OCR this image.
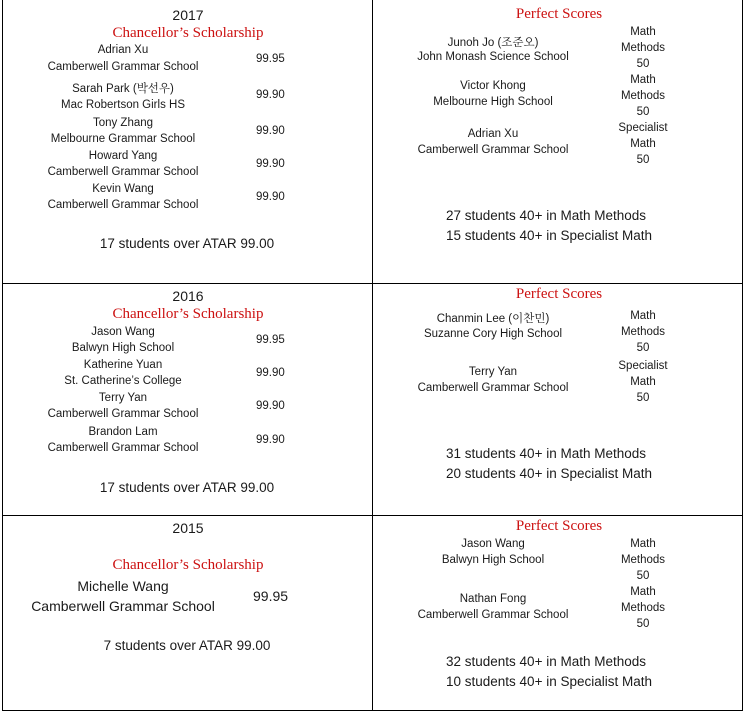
2017
Chancellor’s Scholarship
Adrian Xu
Camberwell Grammar School
99.95
Sarah Park (박선우)
Mac Robertson Girls HS
99.90
Tony Zhang
Melbourne Grammar School
99.90
Howard Yang
Camberwell Grammar School
99.90
Kevin Wang
Camberwell Grammar School
99.90
17 students over ATAR 99.00
Perfect Scores
Junoh Jo (조준오)
John Monash Science School
Math
Methods
50
Victor Khong
Melbourne High School
Math
Methods
50
Adrian Xu
Camberwell Grammar School
Specialist
Math
50
27 students 40+ in Math Methods
15 students 40+ in Specialist Math
2016
Chancellor’s Scholarship
Jason Wang
Balwyn High School
99.95
Katherine Yuan
St. Catherine’s College
99.90
Terry Yan
Camberwell Grammar School
99.90
Brandon Lam
Camberwell Grammar School
99.90
17 students over ATAR 99.00
Perfect Scores
Chanmin Lee (이찬민)
Suzanne Cory High School
Math
Methods
50
Terry Yan
Camberwell Grammar School
Specialist
Math
50
31 students 40+ in Math Methods
20 students 40+ in Specialist Math
2015
Chancellor’s Scholarship
Michelle Wang
Camberwell Grammar School
99.95
7 students over ATAR 99.00
Perfect Scores
Jason Wang
Balwyn High School
Math
Methods
50
Nathan Fong
Camberwell Grammar School
Math
Methods
50
32 students 40+ in Math Methods
10 students 40+ in Specialist Math
